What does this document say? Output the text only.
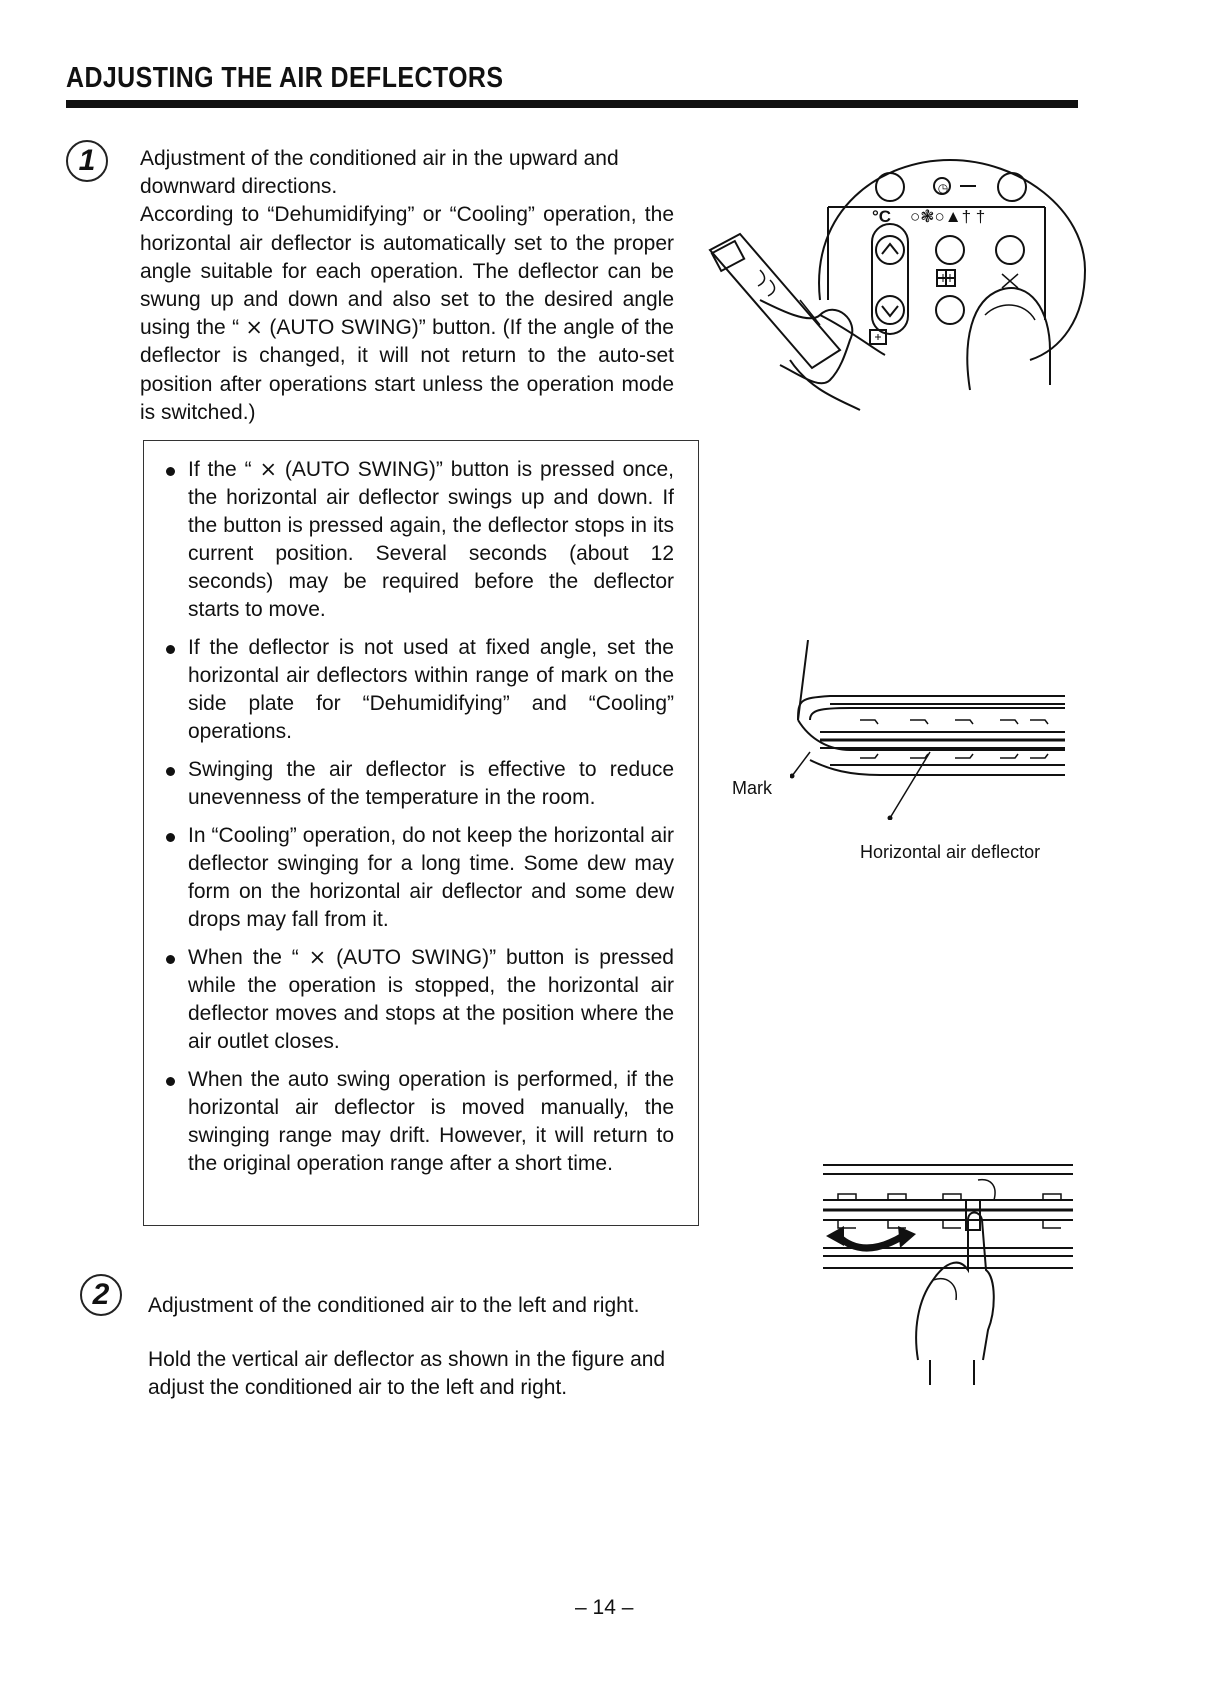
ADJUSTING THE AIR DEFLECTORS
1	Adjustment of the conditioned air in the upward and downward directions.

According to “Dehumidifying” or “Cooling” operation, the horizontal air deflector is automatically set to the proper angle suitable for each operation. The deflector can be swung up and down and also set to the desired angle using the “ ⨯ (AUTO SWING)” button. (If the angle of the deflector is changed, it will not return to the auto-set position after operations start unless the operation mode is switched.)

°C ○❃○▲† †
◷
If the “ ⨯ (AUTO SWING)” button is pressed once, the horizontal air deflector swings up and down. If the button is pressed again, the deflector stops in its current position. Several seconds (about 12 seconds) may be required before the deflector starts to move.
If the deflector is not used at fixed angle, set the horizontal air deflectors within range of mark on the side plate for “Dehumidifying” and “Cooling” operations.
Swinging the air deflector is effective to reduce unevenness of the temperature in the room.
In “Cooling” operation, do not keep the horizontal air deflector swinging for a long time. Some dew may form on the horizontal air deflector and some dew drops may fall from it.
When the “ ⨯ (AUTO SWING)” button is pressed while the operation is stopped, the horizontal air deflector moves and stops at the position where the air outlet closes.
When the auto swing operation is performed, if the horizontal air deflector is moved manually, the swinging range may drift. However, it will return to the original operation range after a short time.
Mark
Horizontal air deflector
2	Adjustment of the conditioned air to the left and right.
Hold the vertical air deflector as shown in the figure and adjust the conditioned air to the left and right.
– 14 –
